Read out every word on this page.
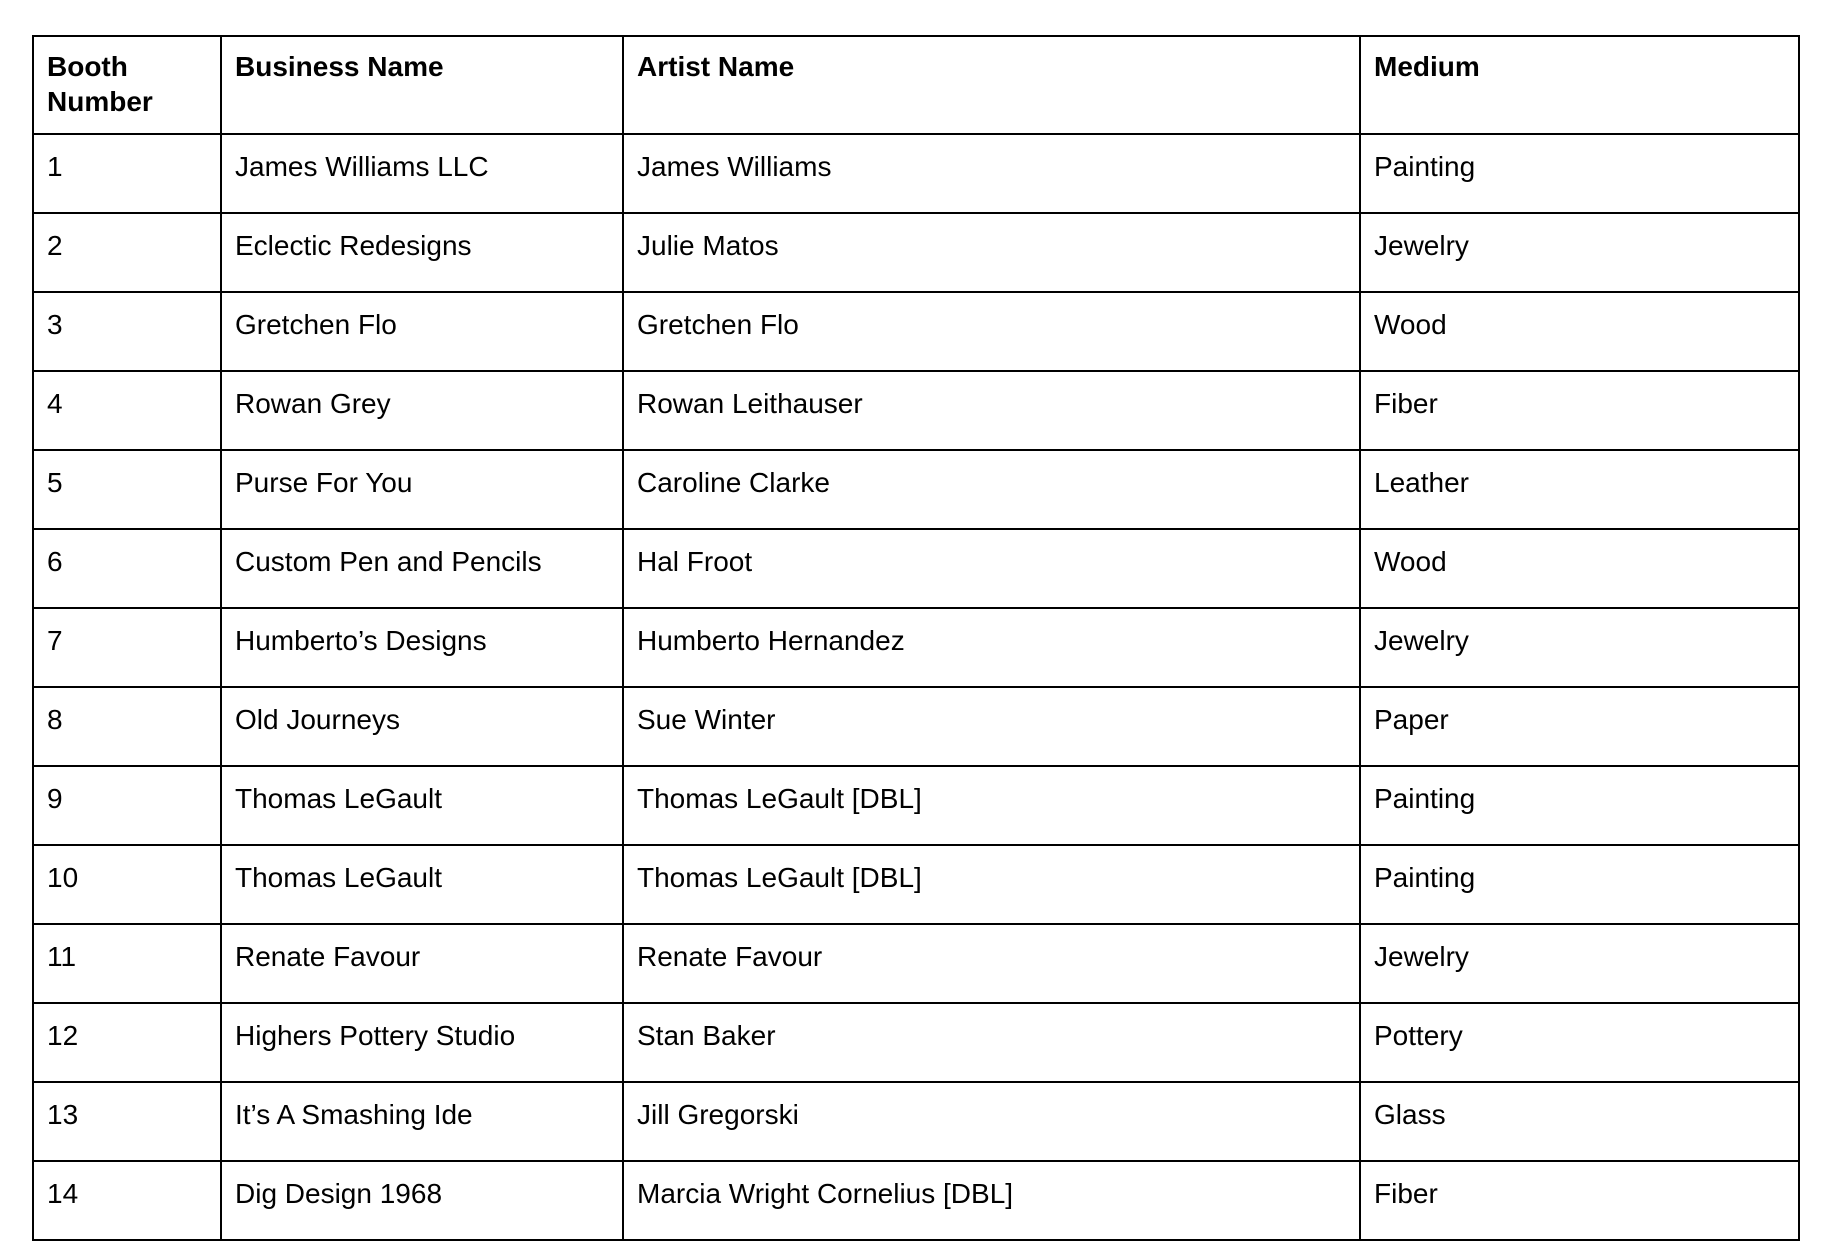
Booth Number	Business Name	Artist Name	Medium
1	James Williams LLC	James Williams	Painting
2	Eclectic Redesigns	Julie Matos	Jewelry
3	Gretchen Flo	Gretchen Flo	Wood
4	Rowan Grey	Rowan Leithauser	Fiber
5	Purse For You	Caroline Clarke	Leather
6	Custom Pen and Pencils	Hal Froot	Wood
7	Humberto’s Designs	Humberto Hernandez	Jewelry
8	Old Journeys	Sue Winter	Paper
9	Thomas LeGault	Thomas LeGault [DBL]	Painting
10	Thomas LeGault	Thomas LeGault [DBL]	Painting
11	Renate Favour	Renate Favour	Jewelry
12	Highers Pottery Studio	Stan Baker	Pottery
13	It’s A Smashing Ide	Jill Gregorski	Glass
14	Dig Design 1968	Marcia Wright Cornelius [DBL]	Fiber
